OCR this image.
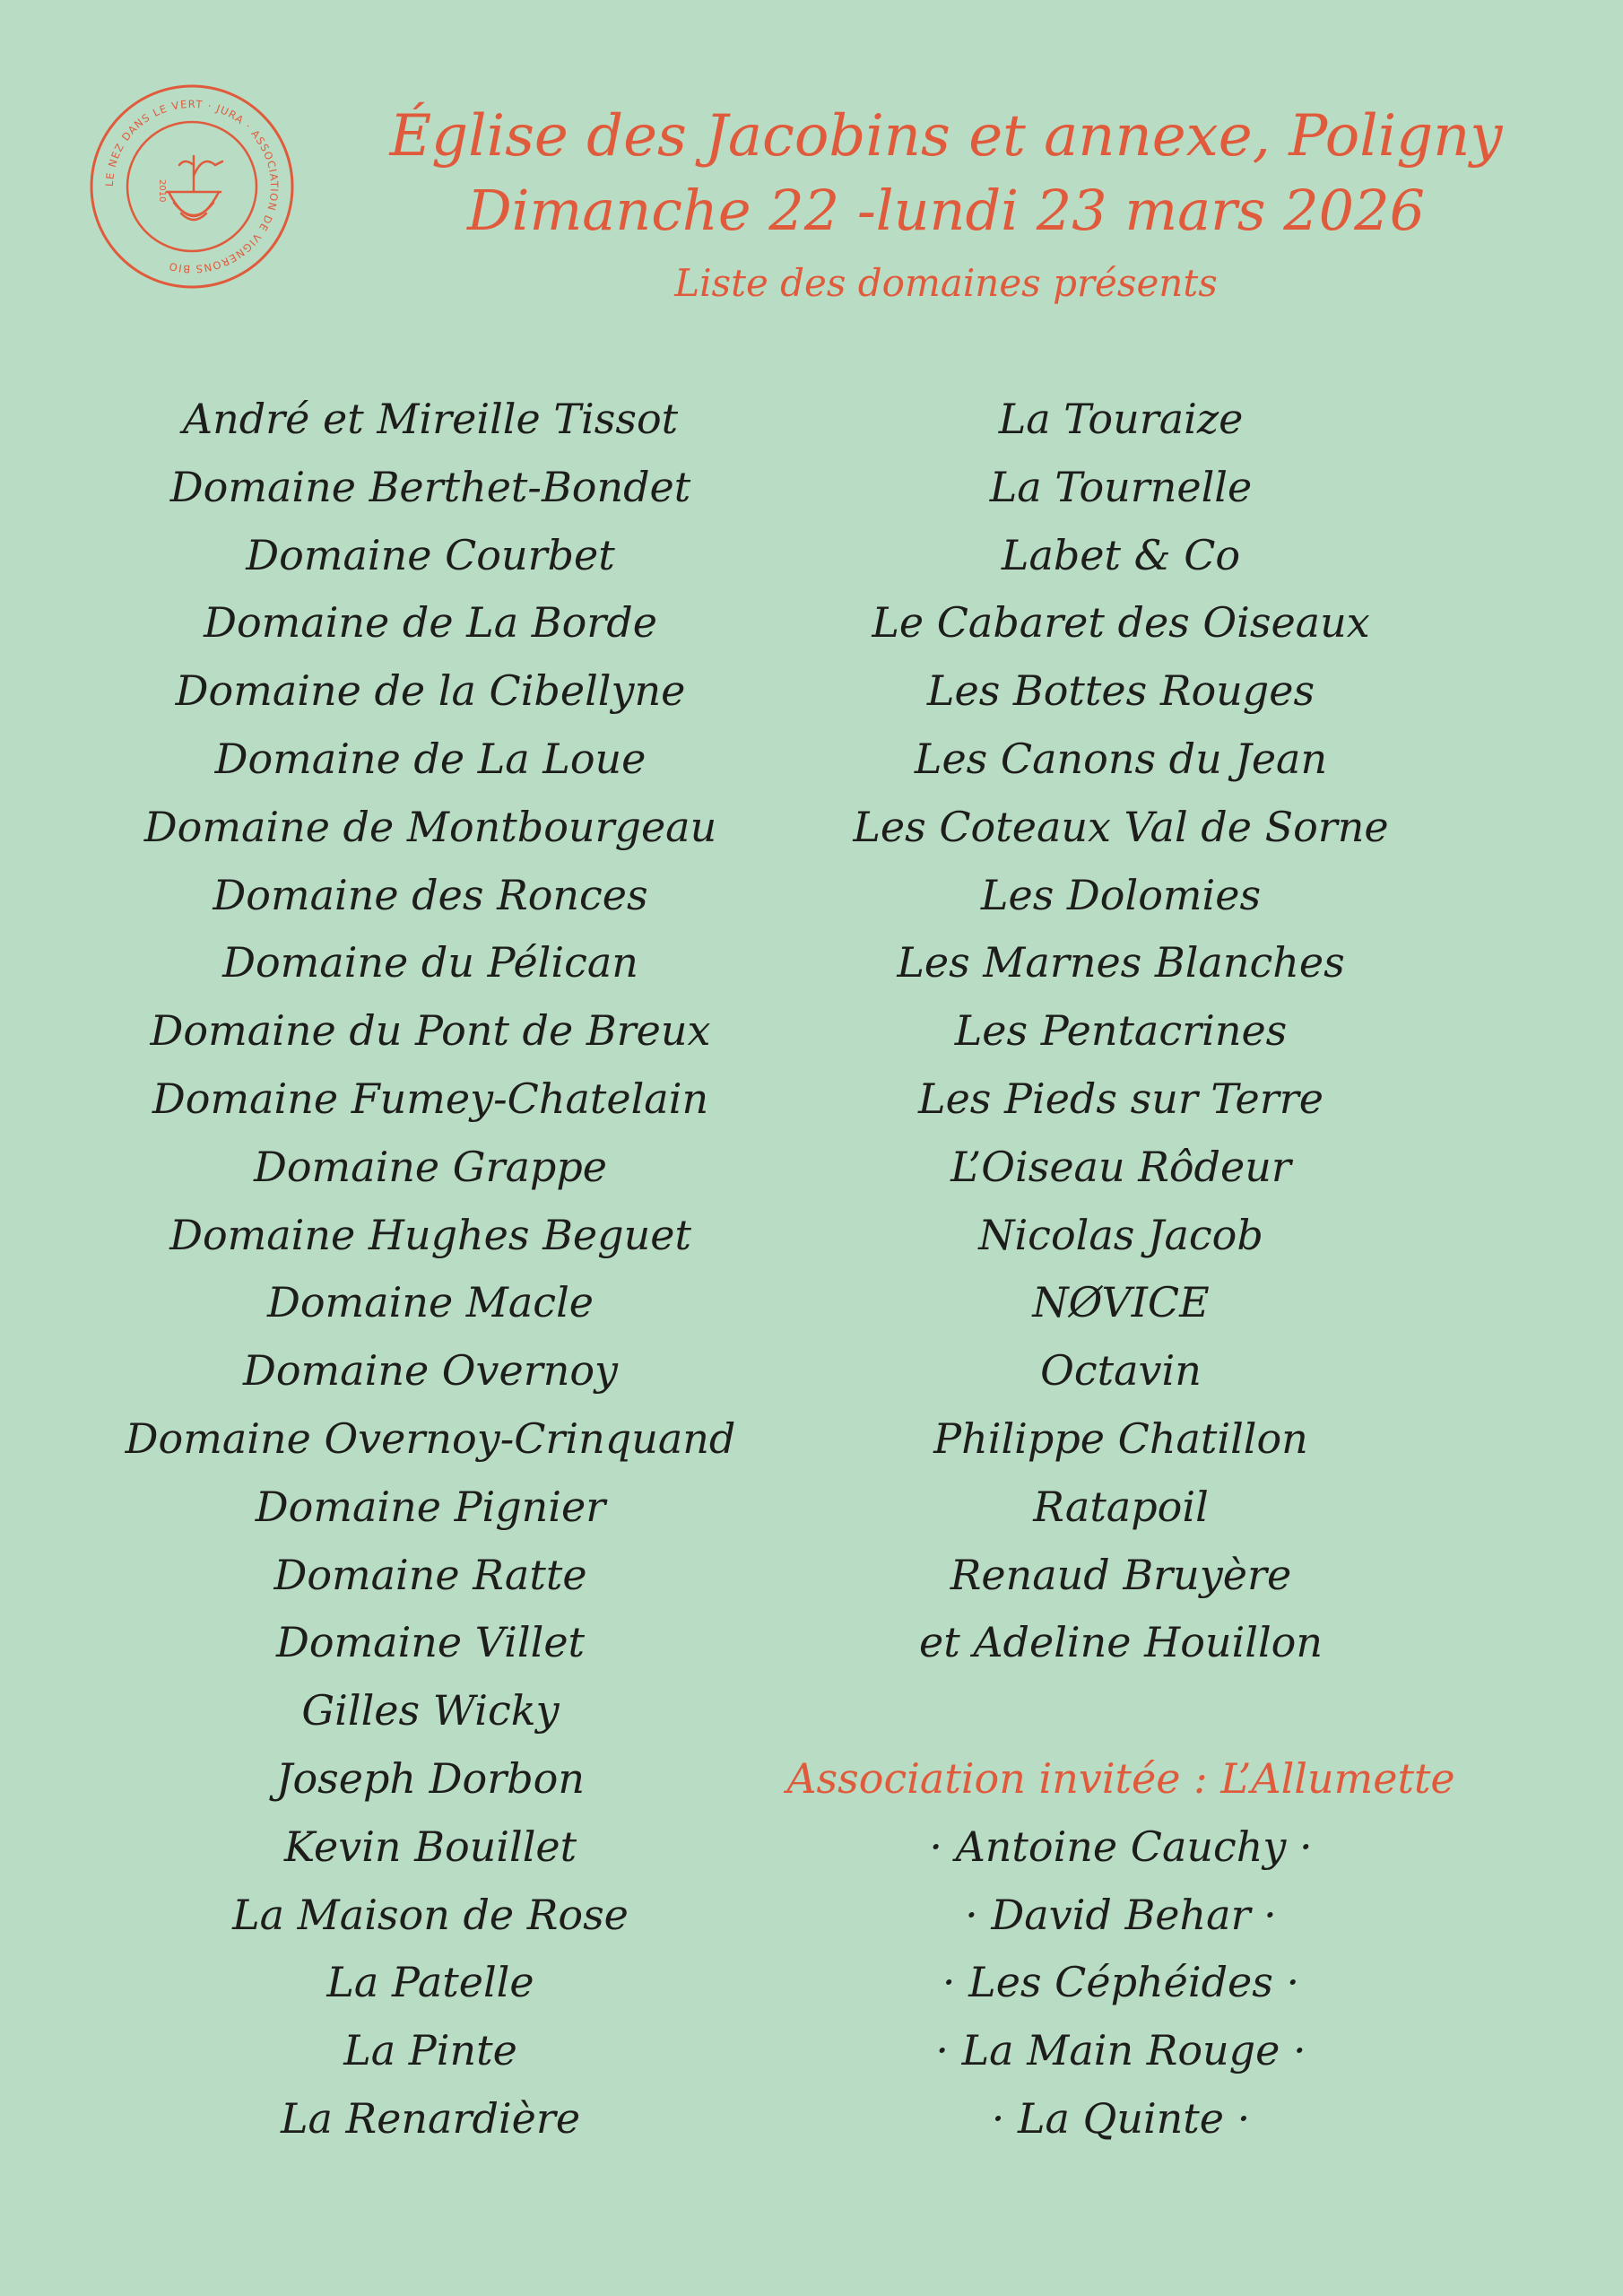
LE NEZ DANS LE VERT · JURA · ASSOCIATION DE VIGNERONS BIO
2010
Église des Jacobins et annexe, Poligny
Dimanche 22 -lundi 23 mars 2026
Liste des domaines présents
André et Mireille Tissot
Domaine Berthet-Bondet
Domaine Courbet
Domaine de La Borde
Domaine de la Cibellyne
Domaine de La Loue
Domaine de Montbourgeau
Domaine des Ronces
Domaine du Pélican
Domaine du Pont de Breux
Domaine Fumey-Chatelain
Domaine Grappe
Domaine Hughes Beguet
Domaine Macle
Domaine Overnoy
Domaine Overnoy-Crinquand
Domaine Pignier
Domaine Ratte
Domaine Villet
Gilles Wicky
Joseph Dorbon
Kevin Bouillet
La Maison de Rose
La Patelle
La Pinte
La Renardière
La Touraize
La Tournelle
Labet & Co
Le Cabaret des Oiseaux
Les Bottes Rouges
Les Canons du Jean
Les Coteaux Val de Sorne
Les Dolomies
Les Marnes Blanches
Les Pentacrines
Les Pieds sur Terre
L’Oiseau Rôdeur
Nicolas Jacob
NØVICE
Octavin
Philippe Chatillon
Ratapoil
Renaud Bruyère
et Adeline Houillon
Association invitée : L’Allumette
· Antoine Cauchy ·
· David Behar ·
· Les Céphéides ·
· La Main Rouge ·
· La Quinte ·
